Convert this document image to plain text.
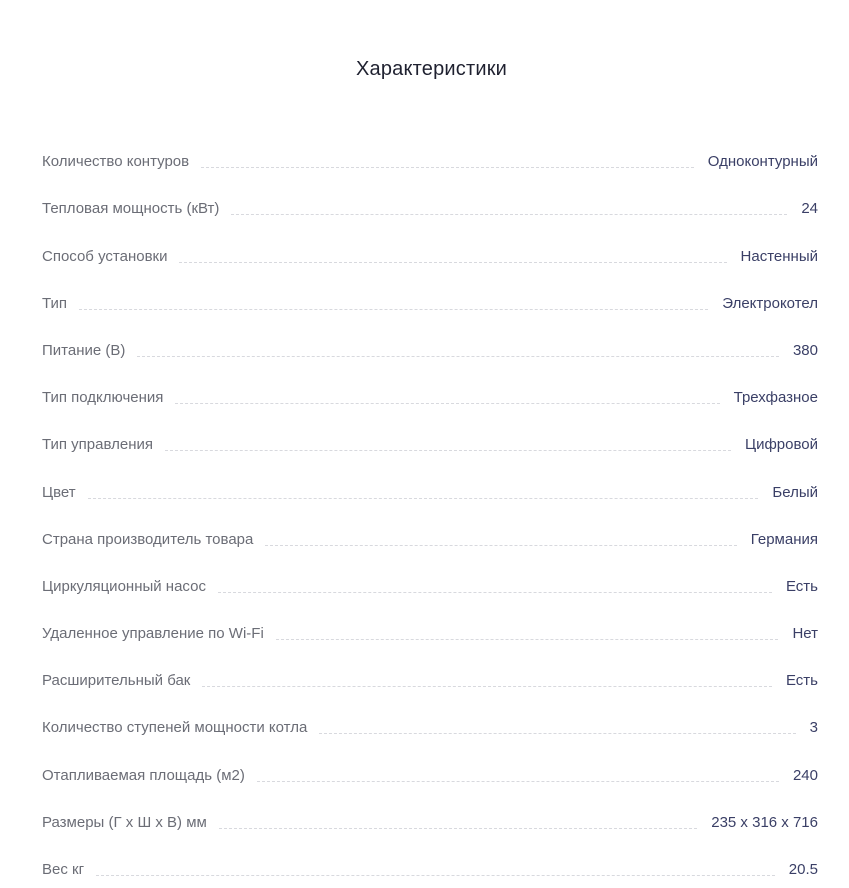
Характеристики
Количество контуров	Одноконтурный
Тепловая мощность (кВт)	24
Способ установки	Настенный
Тип	Электрокотел
Питание (В)	380
Тип подключения	Трехфазное
Тип управления	Цифровой
Цвет	Белый
Страна производитель товара	Германия
Циркуляционный насос	Есть
Удаленное управление по Wi-Fi	Нет
Расширительный бак	Есть
Количество ступеней мощности котла	3
Отапливаемая площадь (м2)	240
Размеры (Г х Ш х В) мм	235 x 316 x 716
Вес кг	20.5
